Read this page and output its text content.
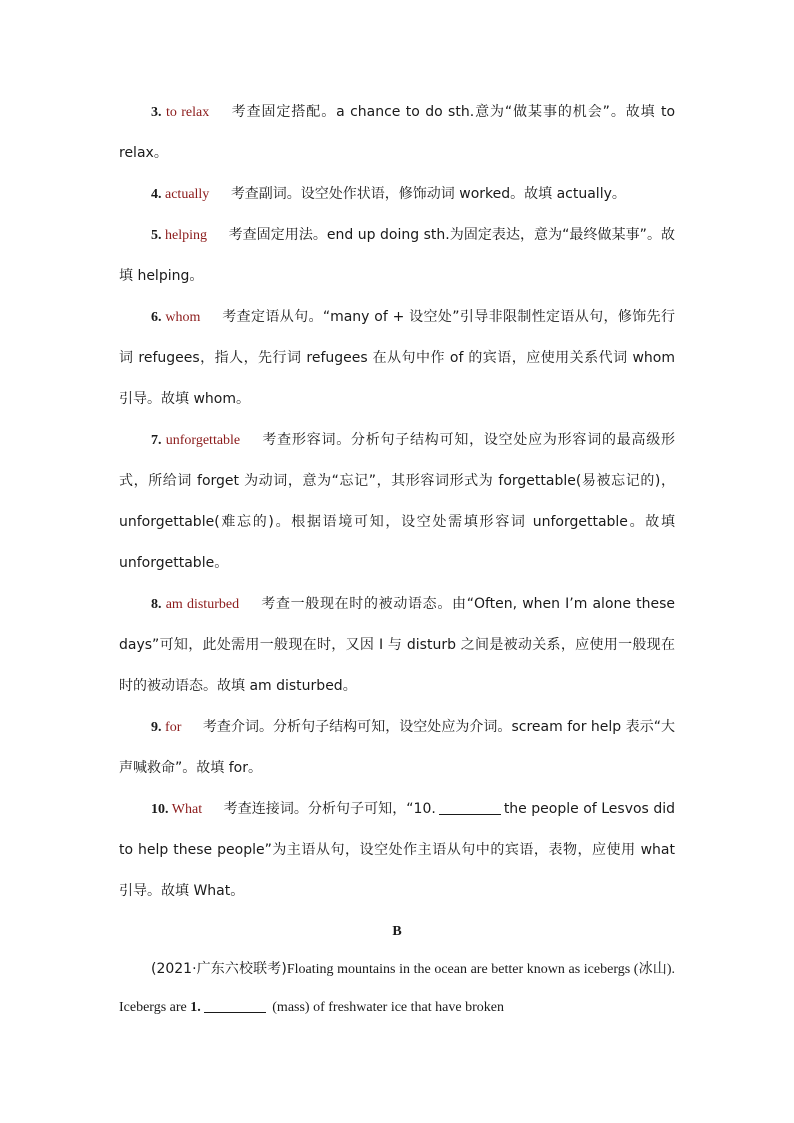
3. to relax 考查固定搭配。a chance to do sth.意为“做某事的机会”。故填 to relax。

4. actually 考查副词。设空处作状语，修饰动词 worked。故填 actually。

5. helping 考查固定用法。end up doing sth.为固定表达，意为“最终做某事”。故填 helping。

6. whom 考查定语从句。“many of + 设空处”引导非限制性定语从句，修饰先行词 refugees，指人，先行词 refugees 在从句中作 of 的宾语，应使用关系代词 whom 引导。故填 whom。

7. unforgettable 考查形容词。分析句子结构可知，设空处应为形容词的最高级形式，所给词 forget 为动词，意为“忘记”，其形容词形式为 forgettable(易被忘记的)，unforgettable(难忘的)。根据语境可知，设空处需填形容词 unforgettable。故填 unforgettable。

8. am disturbed 考查一般现在时的被动语态。由“Often, when I’m alone these days”可知，此处需用一般现在时，又因 I 与 disturb 之间是被动关系，应使用一般现在时的被动语态。故填 am disturbed。

9. for 考查介词。分析句子结构可知，设空处应为介词。scream for help 表示“大声喊救命”。故填 for。

10. What 考查连接词。分析句子可知，“10.	the people of Lesvos did to help these people”为主语从句，设空处作主语从句中的宾语，表物，应使用 what 引导。故填 What。

B

(2021·广东六校联考)Floating mountains in the ocean are better known as icebergs (冰山). Icebergs are 1.	(mass) of freshwater ice that have broken
